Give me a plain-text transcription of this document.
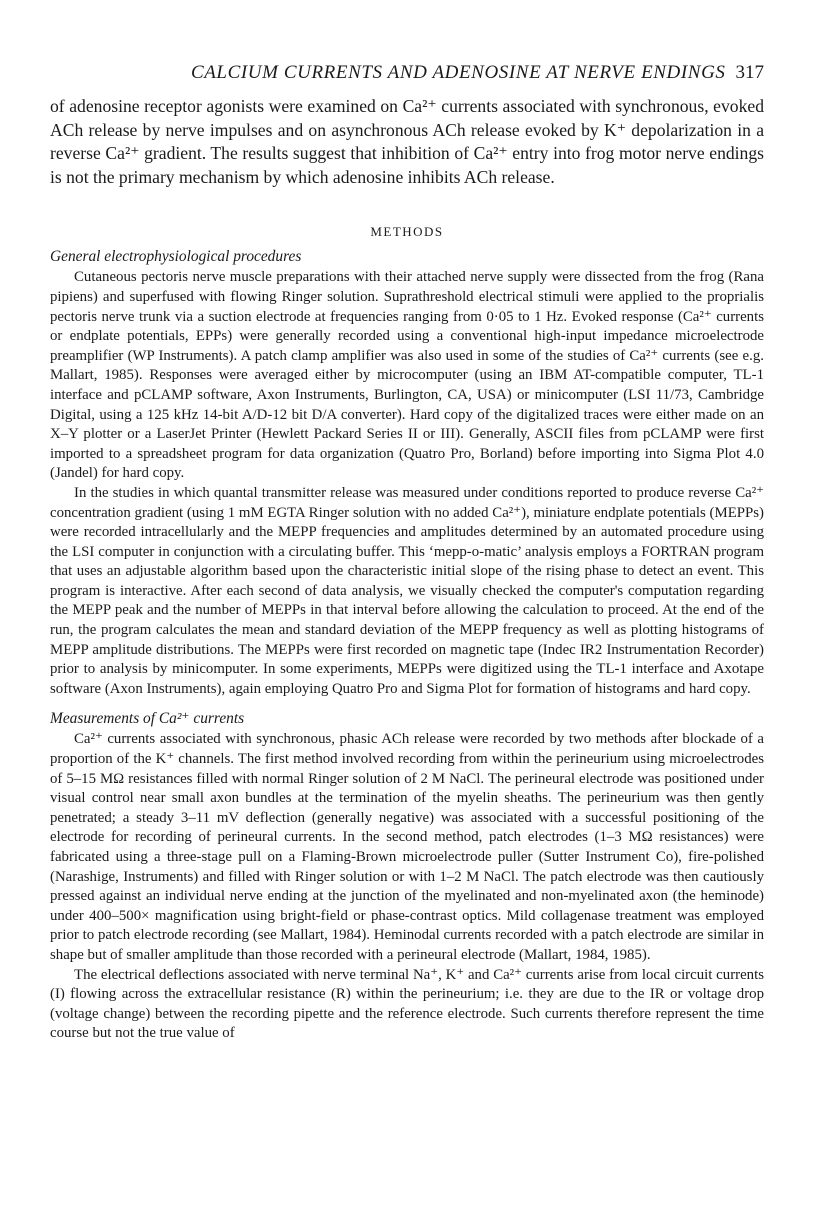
CALCIUM CURRENTS AND ADENOSINE AT NERVE ENDINGS 317

of adenosine receptor agonists were examined on Ca²⁺ currents associated with synchronous, evoked ACh release by nerve impulses and on asynchronous ACh release evoked by K⁺ depolarization in a reverse Ca²⁺ gradient. The results suggest that inhibition of Ca²⁺ entry into frog motor nerve endings is not the primary mechanism by which adenosine inhibits ACh release.

METHODS
General electrophysiological procedures

Cutaneous pectoris nerve muscle preparations with their attached nerve supply were dissected from the frog (Rana pipiens) and superfused with flowing Ringer solution. Suprathreshold electrical stimuli were applied to the proprialis pectoris nerve trunk via a suction electrode at frequencies ranging from 0·05 to 1 Hz. Evoked response (Ca²⁺ currents or endplate potentials, EPPs) were generally recorded using a conventional high-input impedance microelectrode preamplifier (WP Instruments). A patch clamp amplifier was also used in some of the studies of Ca²⁺ currents (see e.g. Mallart, 1985). Responses were averaged either by microcomputer (using an IBM AT-compatible computer, TL-1 interface and pCLAMP software, Axon Instruments, Burlington, CA, USA) or minicomputer (LSI 11/73, Cambridge Digital, using a 125 kHz 14-bit A/D-12 bit D/A converter). Hard copy of the digitalized traces were either made on an X–Y plotter or a LaserJet Printer (Hewlett Packard Series II or III). Generally, ASCII files from pCLAMP were first imported to a spreadsheet program for data organization (Quatro Pro, Borland) before importing into Sigma Plot 4.0 (Jandel) for hard copy.

In the studies in which quantal transmitter release was measured under conditions reported to produce reverse Ca²⁺ concentration gradient (using 1 mM EGTA Ringer solution with no added Ca²⁺), miniature endplate potentials (MEPPs) were recorded intracellularly and the MEPP frequencies and amplitudes determined by an automated procedure using the LSI computer in conjunction with a circulating buffer. This ‘mepp-o-matic’ analysis employs a FORTRAN program that uses an adjustable algorithm based upon the characteristic initial slope of the rising phase to detect an event. This program is interactive. After each second of data analysis, we visually checked the computer's computation regarding the MEPP peak and the number of MEPPs in that interval before allowing the calculation to proceed. At the end of the run, the program calculates the mean and standard deviation of the MEPP frequency as well as plotting histograms of MEPP amplitude distributions. The MEPPs were first recorded on magnetic tape (Indec IR2 Instrumentation Recorder) prior to analysis by minicomputer. In some experiments, MEPPs were digitized using the TL-1 interface and Axotape software (Axon Instruments), again employing Quatro Pro and Sigma Plot for formation of histograms and hard copy.

Measurements of Ca²⁺ currents

Ca²⁺ currents associated with synchronous, phasic ACh release were recorded by two methods after blockade of a proportion of the K⁺ channels. The first method involved recording from within the perineurium using microelectrodes of 5–15 MΩ resistances filled with normal Ringer solution of 2 M NaCl. The perineural electrode was positioned under visual control near small axon bundles at the termination of the myelin sheaths. The perineurium was then gently penetrated; a steady 3–11 mV deflection (generally negative) was associated with a successful positioning of the electrode for recording of perineural currents. In the second method, patch electrodes (1–3 MΩ resistances) were fabricated using a three-stage pull on a Flaming-Brown microelectrode puller (Sutter Instrument Co), fire-polished (Narashige, Instruments) and filled with Ringer solution or with 1–2 M NaCl. The patch electrode was then cautiously pressed against an individual nerve ending at the junction of the myelinated and non-myelinated axon (the heminode) under 400–500× magnification using bright-field or phase-contrast optics. Mild collagenase treatment was employed prior to patch electrode recording (see Mallart, 1984). Heminodal currents recorded with a patch electrode are similar in shape but of smaller amplitude than those recorded with a perineural electrode (Mallart, 1984, 1985).

The electrical deflections associated with nerve terminal Na⁺, K⁺ and Ca²⁺ currents arise from local circuit currents (I) flowing across the extracellular resistance (R) within the perineurium; i.e. they are due to the IR or voltage drop (voltage change) between the recording pipette and the reference electrode. Such currents therefore represent the time course but not the true value of
